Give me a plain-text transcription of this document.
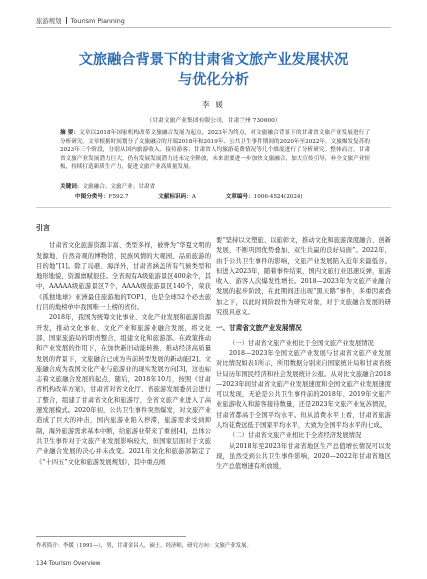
旅游规划 Tourism Planning
文旅融合背景下的甘肃省文旅产业发展状况
与优化分析
李 媛
（甘肃文旅产业集团有限公司，甘肃兰州 730000）
摘 要：文章以2018年国家机构改革文旅融合发展为起点，2023年为终点，对文旅融合背景下的甘肃省文旅产业发展进行了分析研究。文章根据时间划分了文旅融合的开端2018年和2019年、公共卫生事件期间的2020年至2022年、文旅爆发复苏的2023年三个阶段，分别从国内旅游收入、接待游客、甘肃省人均旅游花费情况等几个维度进行了分析研究。整体而言，甘肃省文旅产业发展潜力巨大，仍有发展发展潜力还未完全释放，未来需要进一步加快文旅融合，加大宣传引导，补全文旅产业短板，持续打造新质生产力，促进文旅产业高质量发展。
关键词：文旅融合；文旅产业；甘肃省
中图分类号：F592.7	文献标识码：A	文章编号：1006-4524(2024)

引言

甘肃省文化旅游资源丰富、类型多样，被誉为“华夏文明的发源地、自然奇观的博物馆、民族风情的大观园、品质旅游的目的地”[1]。除了岛礁、海洋外，甘肃省涵盖所有气候类型和地形地貌，资源禀赋很佳。全省现有A级旅游景区400余个，其中，AAAAA级旅游景区7个，AAAA级旅游景区140个，荣获《孤独地球》亚洲最佳旅游地的TOP1，也是全球52个必去旅行目的地榜单中我国唯一上榜的省份。

2018年，我国为统筹文化事业、文化产业发展和旅游资源开发，推动文化事业、文化产业和旅游业融合发展，将文化部、国家旅游局的职责整合，组建文化和旅游部。在政策推动和产业发展的作用下，在加快新旧动能转换、推动经济高质量发展的背景下，文旅融合已成为当前转型发展的新动能[2]。文旅融合成为我国文化产业与旅游业的现实发展方向[3]，这也标志着文旅融合发展的起点，随后，2018年10月，按照《甘肃省机构改革方案》，甘肃省对省文化厅、省旅游发展委员会进行了整合，组建了甘肃省文化和旅游厅，全省文旅产业进入了高速发展模式。2020年初，公共卫生事件突然爆发，对文旅产业造成了巨大的冲击，国内旅游业陷入停滞，旅游需求受到抑制，海外旅游需求基本中断，给旅游业带来了重创[4]，总体公共卫生事件对于文旅产业发展影响较大，但国家层面对于文旅产业融合发展的决心并未改变。2021年文化和旅游部制定了《“十四五”文化和旅游发展规划》，其中重点阐

要“坚持以文塑旅、以旅彰文，推动文化和旅游深度融合、创新发展，不断巩固优势叠加、双生共赢的良好局面”。2022年，由于公共卫生事件的影响，文旅产业发展陷入近年来最低谷。但进入2023年，随着事件结束，国内文旅行业迅速反弹，旅游收入、游客人次爆发性增长。2018—2023年为文旅产业融合发展的起步阶段，在此期间还出现“黑天鹅”事件，多重因素叠加之下，以此时间阶段作为研究对象，对于文旅融合发展的研究很具意义。

一、甘肃省文旅产业发展情况

（一）甘肃省文旅产业相比于全国文旅产业发展情况

2018—2023年全国文旅产业发展与甘肃省文旅产业发展对比情况如表1所示，所用数据分别来自国家统计局和甘肃省统计局历年国民经济和社会发展统计公报。从对比文旅融合2018—2023年间甘肃省文旅产业发展速度和全国文旅产业发展速度可以发现，无论是公共卫生事件前的2018年、2019年文旅产业旅游收入和游客接待数量，还是2023年文旅产业复苏情况，甘肃省都高于全国平均水平。但从消费水平上看，甘肃省旅游人均花费远低于国家平均水平，大致为全国平均水平的七成。

（二）甘肃省文旅产业相比于全省经济发展情况

从2018年至2023年甘肃省地区生产总值增长情况可以发现，虽然受到公共卫生事件影响，2020—2022年甘肃省地区生产总值增速有所放缓，

作者简介：李媛（1991—），男，甘肃金昌人，硕士，经济师，研究方向：文旅产业发展。
134 Tourism Overview
